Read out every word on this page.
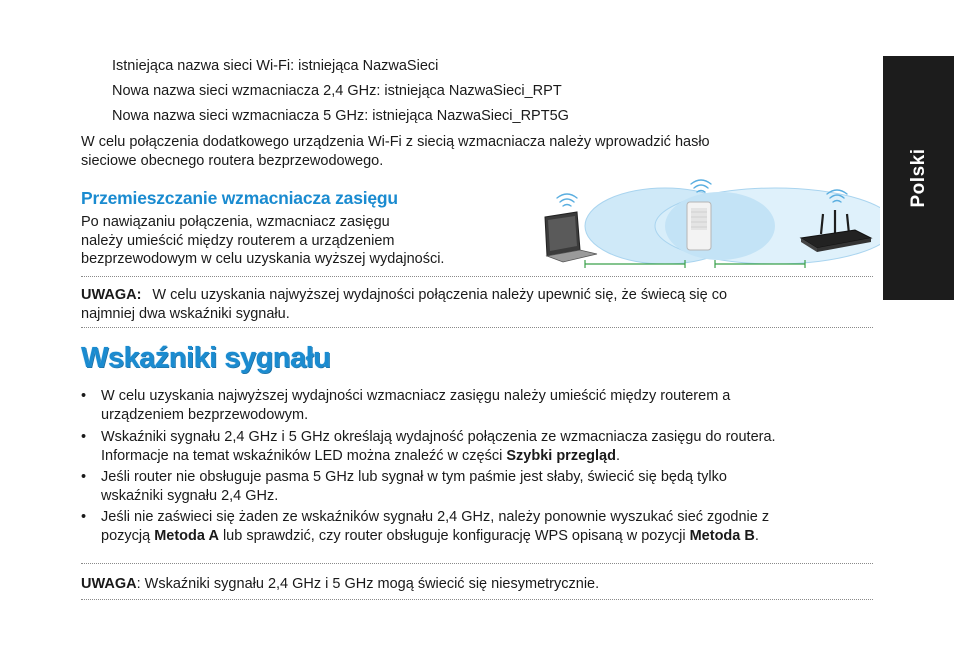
Istniejąca nazwa sieci Wi-Fi: istniejąca NazwaSieci
Nowa nazwa sieci wzmacniacza 2,4 GHz: istniejąca NazwaSieci_RPT
Nowa nazwa sieci wzmacniacza 5 GHz: istniejąca NazwaSieci_RPT5G
W celu połączenia dodatkowego urządzenia Wi-Fi z siecią wzmacniacza należy wprowadzić hasło
sieciowe obecnego routera bezprzewodowego.
Przemieszczanie wzmacniacza zasięgu
Po nawiązaniu połączenia, wzmacniacz zasięgu
należy umieścić między routerem a urządzeniem
bezprzewodowym w celu uzyskania wyższej wydajności.
Polski
UWAGA: W celu uzyskania najwyższej wydajności połączenia należy upewnić się, że świecą się co
najmniej dwa wskaźniki sygnału.
Wskaźniki sygnału
• W celu uzyskania najwyższej wydajności wzmacniacz zasięgu należy umieścić między routerem a
urządzeniem bezprzewodowym.
• Wskaźniki sygnału 2,4 GHz i 5 GHz określają wydajność połączenia ze wzmacniacza zasięgu do routera.
Informacje na temat wskaźników LED można znaleźć w części Szybki przegląd.
• Jeśli router nie obsługuje pasma 5 GHz lub sygnał w tym paśmie jest słaby, świecić się będą tylko
wskaźniki sygnału 2,4 GHz.
• Jeśli nie zaświeci się żaden ze wskaźników sygnału 2,4 GHz, należy ponownie wyszukać sieć zgodnie z
pozycją Metoda A lub sprawdzić, czy router obsługuje konfigurację WPS opisaną w pozycji Metoda B.
UWAGA: Wskaźniki sygnału 2,4 GHz i 5 GHz mogą świecić się niesymetrycznie.
